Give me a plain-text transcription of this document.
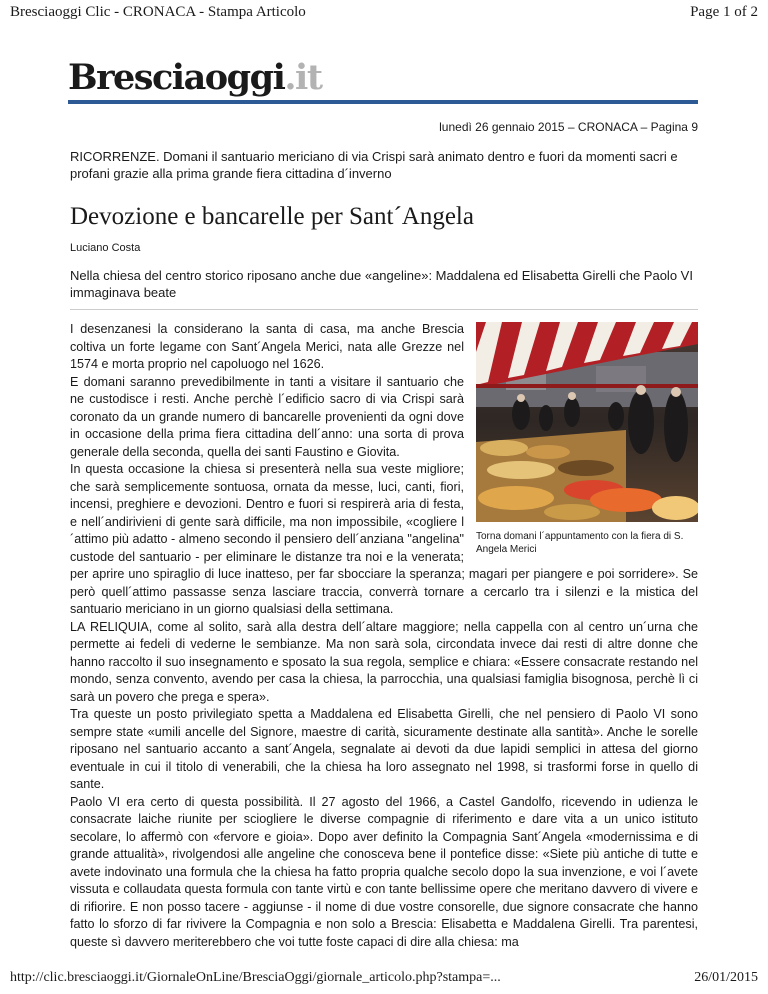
Bresciaoggi Clic - CRONACA - Stampa Articolo	Page 1 of 2
Bresciaoggi.it
lunedì 26 gennaio 2015 – CRONACA – Pagina 9

RICORRENZE. Domani il santuario mericiano di via Crispi sarà animato dentro e fuori da momenti sacri e profani grazie alla prima grande fiera cittadina d´inverno

Devozione e bancarelle per Sant´Angela

Luciano Costa

Nella chiesa del centro storico riposano anche due «angeline»: Maddalena ed Elisabetta Girelli che Paolo VI immaginava beate

Torna domani l´appuntamento con la fiera di S. Angela Merici

I desenzanesi la considerano la santa di casa, ma anche Brescia coltiva un forte legame con Sant´Angela Merici, nata alle Grezze nel 1574 e morta proprio nel capoluogo nel 1626.

E domani saranno prevedibilmente in tanti a visitare il santuario che ne custodisce i resti. Anche perchè l´edificio sacro di via Crispi sarà coronato da un grande numero di bancarelle provenienti da ogni dove in occasione della prima fiera cittadina dell´anno: una sorta di prova generale della seconda, quella dei santi Faustino e Giovita.

In questa occasione la chiesa si presenterà nella sua veste migliore; che sarà semplicemente sontuosa, ornata da messe, luci, canti, fiori, incensi, preghiere e devozioni. Dentro e fuori si respirerà aria di festa, e nell´andirivieni di gente sarà difficile, ma non impossibile, «cogliere l´attimo più adatto - almeno secondo il pensiero dell´anziana "angelina" custode del santuario - per eliminare le distanze tra noi e la venerata; per aprire uno spiraglio di luce inatteso, per far sbocciare la speranza; magari per piangere e poi sorridere». Se però quell´attimo passasse senza lasciare traccia, converrà tornare a cercarlo tra i silenzi e la mistica del santuario mericiano in un giorno qualsiasi della settimana.

LA RELIQUIA, come al solito, sarà alla destra dell´altare maggiore; nella cappella con al centro un´urna che permette ai fedeli di vederne le sembianze. Ma non sarà sola, circondata invece dai resti di altre donne che hanno raccolto il suo insegnamento e sposato la sua regola, semplice e chiara: «Essere consacrate restando nel mondo, senza convento, avendo per casa la chiesa, la parrocchia, una qualsiasi famiglia bisognosa, perchè lì ci sarà un povero che prega e spera».

Tra queste un posto privilegiato spetta a Maddalena ed Elisabetta Girelli, che nel pensiero di Paolo VI sono sempre state «umili ancelle del Signore, maestre di carità, sicuramente destinate alla santità». Anche le sorelle riposano nel santuario accanto a sant´Angela, segnalate ai devoti da due lapidi semplici in attesa del giorno eventuale in cui il titolo di venerabili, che la chiesa ha loro assegnato nel 1998, si trasformi forse in quello di sante.

Paolo VI era certo di questa possibilità. Il 27 agosto del 1966, a Castel Gandolfo, ricevendo in udienza le consacrate laiche riunite per sciogliere le diverse compagnie di riferimento e dare vita a un unico istituto secolare, lo affermò con «fervore e gioia». Dopo aver definito la Compagnia Sant´Angela «modernissima e di grande attualità», rivolgendosi alle angeline che conosceva bene il pontefice disse: «Siete più antiche di tutte e avete indovinato una formula che la chiesa ha fatto propria qualche secolo dopo la sua invenzione, e voi l´avete vissuta e collaudata questa formula con tante virtù e con tante bellissime opere che meritano davvero di vivere e di rifiorire. E non posso tacere - aggiunse - il nome di due vostre consorelle, due signore consacrate che hanno fatto lo sforzo di far rivivere la Compagnia e non solo a Brescia: Elisabetta e Maddalena Girelli. Tra parentesi, queste sì davvero meriterebbero che voi tutte foste capaci di dire alla chiesa: ma

http://clic.bresciaoggi.it/GiornaleOnLine/BresciaOggi/giornale_articolo.php?stampa=...	26/01/2015
